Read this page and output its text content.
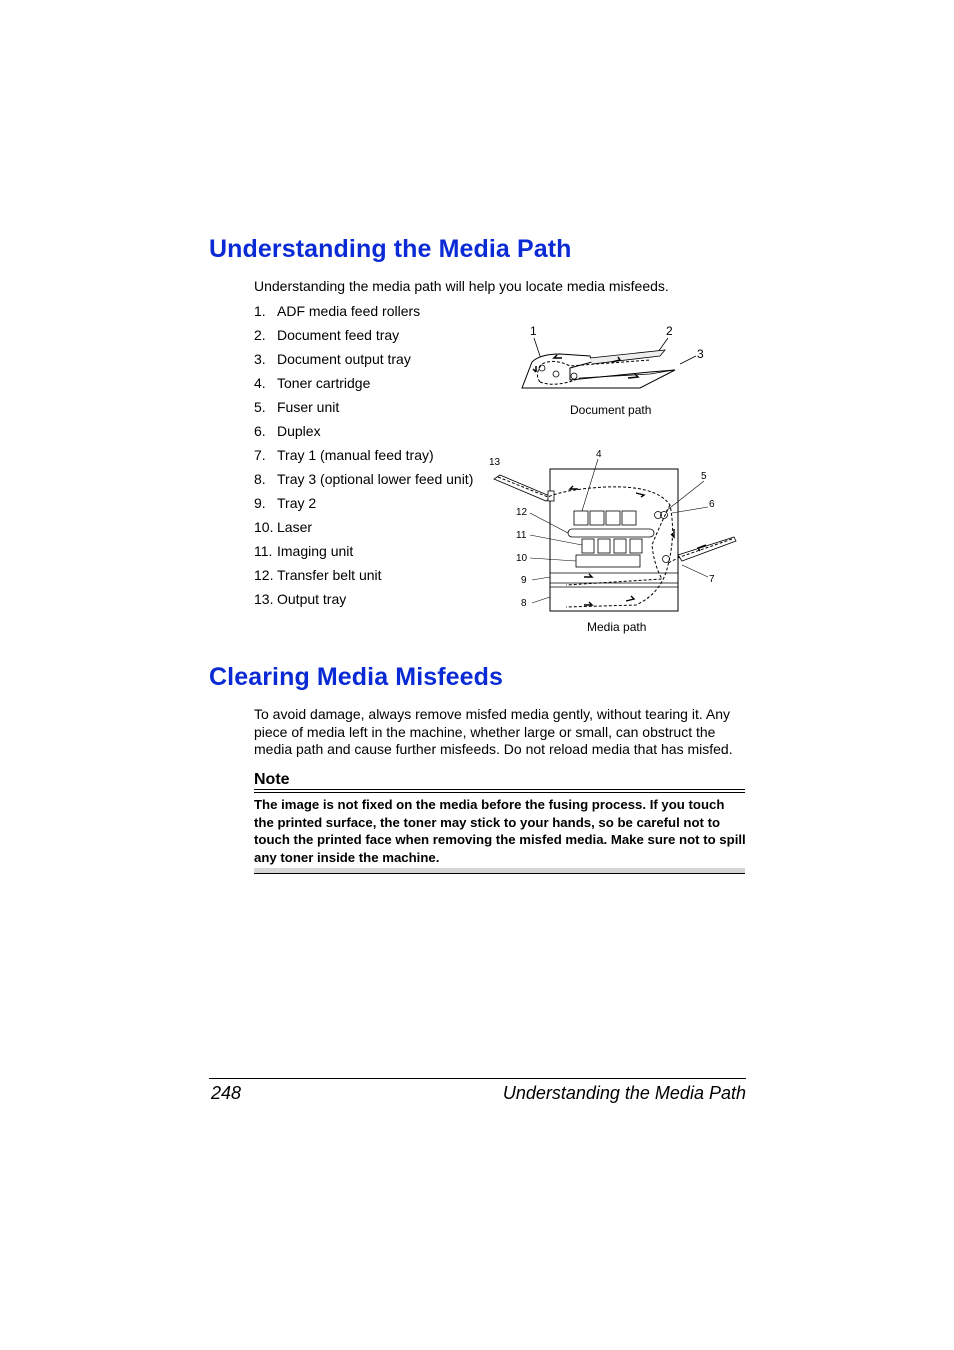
Understanding the Media Path

Understanding the media path will help you locate media misfeeds.

1. ADF media feed rollers
2. Document feed tray
3. Document output tray
4. Toner cartridge
5. Fuser unit
6. Duplex
7. Tray 1 (manual feed tray)
8. Tray 3 (optional lower feed unit)
9. Tray 2
10. Laser
11. Imaging unit
12. Transfer belt unit
13. Output tray
1	2
3
Document path
13
4
5
6
12
11
10
9
8
7
Media path
Clearing Media Misfeeds

To avoid damage, always remove misfed media gently, without tearing it. Any piece of media left in the machine, whether large or small, can obstruct the media path and cause further misfeeds. Do not reload media that has misfed.

Note

The image is not fixed on the media before the fusing process. If you touch the printed surface, the toner may stick to your hands, so be careful not to touch the printed face when removing the misfed media. Make sure not to spill any toner inside the machine.

248	Understanding the Media Path
